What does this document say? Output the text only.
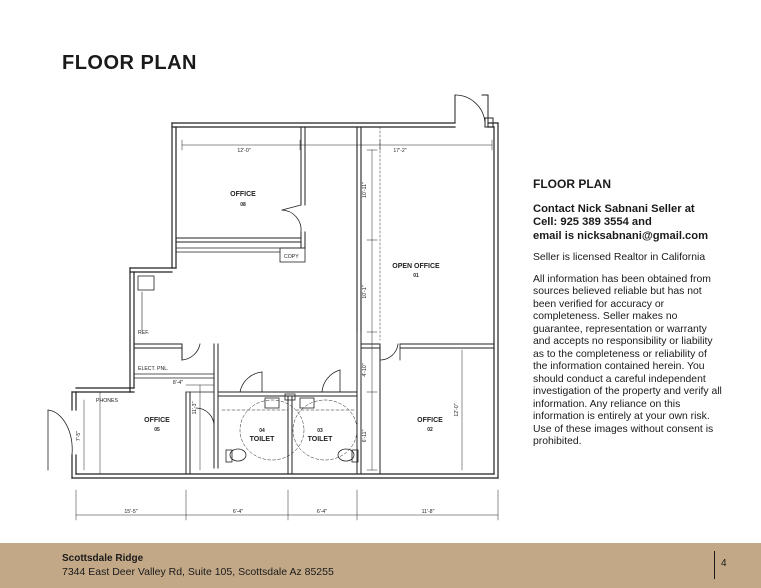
FLOOR PLAN
OFFICE
08
OPEN OFFICE
01
OFFICE
05	04
TOILET
03
TOILET
OFFICE
02
COPY
REF.
ELECT. PNL.
PHONES
12'-0"	17'-2"
10'-11"
10'-1"
4'-10"
6'-11"
12'-0"
11'-3"
7'-5"
8'-4"
15'-5"	6'-4"	6'-4"	11'-8"
FLOOR PLAN
Contact Nick Sabnani Seller at
Cell: 925 389 3554 and
email is nicksabnani@gmail.com
Seller is licensed Realtor in California
All information has been obtained from sources believed reliable but has not been verified for accuracy or completeness. Seller makes no guarantee, representation or warranty and accepts no responsibility or liability as to the completeness or reliability of the information contained herein. You should conduct a careful independent investigation of the property and verify all information. Any reliance on this information is entirely at your own risk. Use of these images without consent is prohibited.
Scottsdale Ridge
7344 East Deer Valley Rd, Suite 105, Scottsdale Az 85255
4
